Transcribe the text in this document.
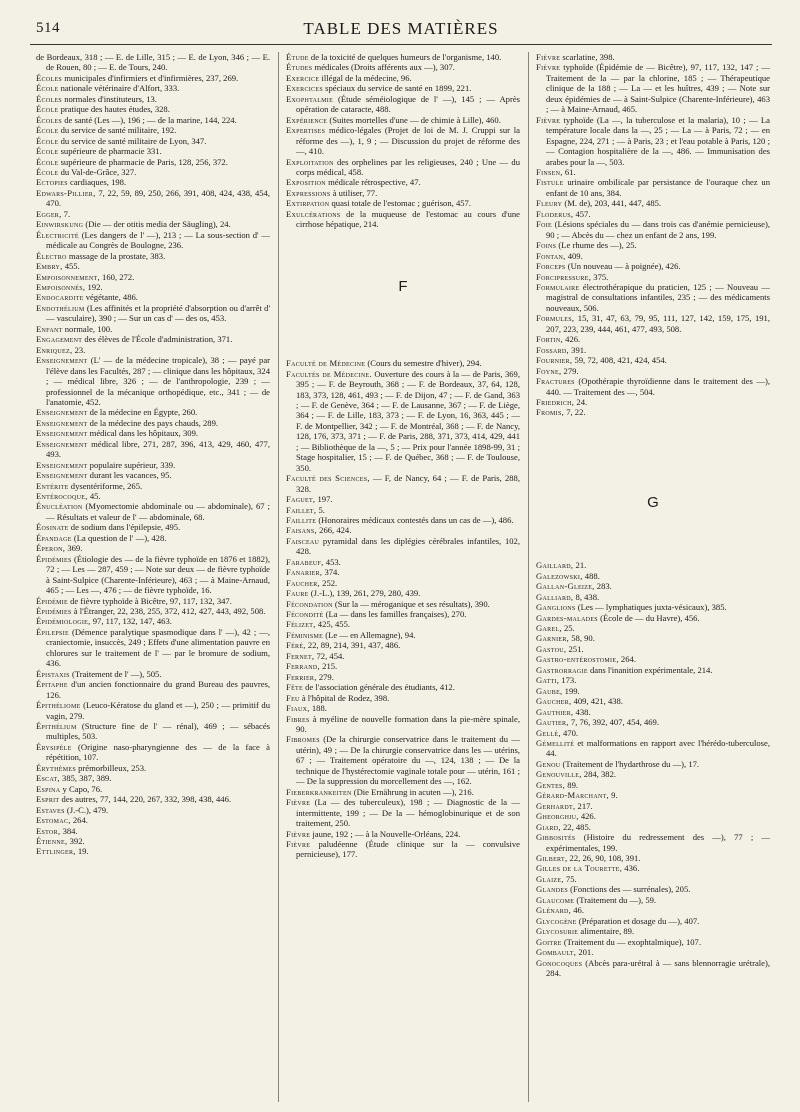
514	TABLE DES MATIÈRES

de Bordeaux, 318 ; — E. de Lille, 315 ; — E. de Lyon, 346 ; — E. de Rouen, 80 ; — E. de Tours, 240.

Écoles municipales d'infirmiers et d'infirmières, 237, 269.

École nationale vétérinaire d'Alfort, 333.

Écoles normales d'instituteurs, 13.

École pratique des hautes études, 328.

Écoles de santé (Les —), 196 ; — de la marine, 144, 224.

École du service de santé militaire, 192.

École du service de santé militaire de Lyon, 347.

École supérieure de pharmacie 331.

École supérieure de pharmacie de Paris, 128, 256, 372.

École du Val-de-Grâce, 327.

Ectopies cardiaques, 198.

Edwars-Pillier, 7, 22, 59, 89, 250, 266, 391, 408, 424, 438, 454, 470.

Egger, 7.

Einwirskung (Die — der otitis media der Säugling), 24.

Électricité (Les dangers de l' —), 213 ; — La sous-section d' — médicale au Congrès de Boulogne, 236.

Électro massage de la prostate, 383.

Embry, 455.

Empoisonnement, 160, 272.

Empoisonnés, 192.

Endocardite végétante, 486.

Endothélium (Les affinités et la propriété d'absorption ou d'arrêt d' — vasculaire), 390 ; — Sur un cas d' — des os, 453.

Enfant normale, 100.

Engagement des élèves de l'École d'administration, 371.

Enriquez, 23.

Enseignement (L' — de la médecine tropicale), 38 ; — payé par l'élève dans les Facultés, 287 ; — clinique dans les hôpitaux, 324 ; — médical libre, 326 ; — de l'anthropologie, 239 ; — professionnel de la mécanique orthopédique, etc., 341 ; — de l'anatomie, 452.

Enseignement de la médecine en Égypte, 260.

Enseignement de la médecine des pays chauds, 289.

Enseignement médical dans les hôpitaux, 309.

Enseignement médical libre, 271, 287, 396, 413, 429, 460, 477, 493.

Enseignement populaire supérieur, 339.

Enseignement durant les vacances, 95.

Entérite dysentériforme, 265.

Entérocoque, 45.

Énucléation (Myomectomie abdominale ou — abdominale), 67 ; — Résultats et valeur de l' — abdominale, 68.

Éosinate de sodium dans l'épilepsie, 495.

Épandage (La question de l' —), 428.

Éperon, 369.

Épidémies (Étiologie des — de la fièvre typhoïde en 1876 et 1882), 72 ; — Les — 287, 459 ; — Note sur deux — de fièvre typhoïde à Saint-Sulpice (Charente-Inférieure), 463 ; — à Maine-Arnaud, 465 ; — Les —, 476 ; — de fièvre typhoïde, 16.

Épidémie de fièvre typhoïde à Bicêtre, 97, 117, 132, 347.

Épidémies à l'Étranger, 22, 238, 255, 372, 412, 427, 443, 492, 508.

Épidémiologie, 97, 117, 132, 147, 463.

Épilepsie (Démence paralytique spasmodique dans l' —), 42 ; —, craniectomie, insuccès, 249 ; Effets d'une alimentation pauvre en chlorures sur le traitement de l' — par le bromure de sodium, 436.

Épistaxis (Traitement de l' —), 505.

Épitaphe d'un ancien fonctionnaire du grand Bureau des pauvres, 126.

Épithéliome (Leuco-Kératose du gland et —), 250 ; — primitif du vagin, 279.

Épithélium (Structure fine de l' — rénal), 469 ; — sébacés multiples, 503.

Érysipèle (Origine naso-pharyngienne des — de la face à répétition, 107.

Érythèmes prémorbilleux, 253.

Escat, 385, 387, 389.

Espina y Capo, 76.

Esprit des autres, 77, 144, 220, 267, 332, 398, 438, 446.

Estaves (J.-C.), 479.

Estomac, 264.

Estor, 384.

Étienne, 392.

Ettlinger, 19.

Étude de la toxicité de quelques humeurs de l'organisme, 140.

Études médicales (Droits afférents aux —), 307.

Exercice illégal de la médecine, 96.

Exercices spéciaux du service de santé en 1899, 221.

Exophtalmie (Étude séméiologique de l' —), 145 ; — Après opération de cataracte, 488.

Expérience (Suites mortelles d'une — de chimie à Lille), 460.

Expertises médico-légales (Projet de loi de M. J. Cruppi sur la réforme des —), 1, 9 ; — Discussion du projet de réforme des —, 410.

Exploitation des orphelines par les religieuses, 240 ; Une — du corps médical, 458.

Exposition médicale rétrospective, 47.

Expressions à utiliser, 77.

Extirpation quasi totale de l'estomac ; guérison, 457.

Exulcérations de la muqueuse de l'estomac au cours d'une cirrhose hépatique, 214.

F

Faculté de Médecine (Cours du semestre d'hiver), 294.

Facultés de Médecine. Ouverture des cours à la — de Paris, 369, 395 ; — F. de Beyrouth, 368 ; — F. de Bordeaux, 37, 64, 128, 183, 373, 128, 461, 493 ; — F. de Dijon, 47 ; — F. de Gand, 363 ; — F. de Genève, 364 ; — F. de Lausanne, 367 ; — F. de Liège, 364 ; — F. de Lille, 183, 373 ; — F. de Lyon, 16, 363, 445 ; — F. de Montpellier, 342 ; — F. de Montréal, 368 ; — F. de Nancy, 128, 176, 373, 371 ; — F. de Paris, 288, 371, 373, 414, 429, 441 ; — Bibliothèque de la —, 5 ; — Prix pour l'année 1898-99, 31 ; Stage hospitalier, 15 ; — F. de Québec, 368 ; — F. de Toulouse, 350.

Faculté des Sciences, — F, de Nancy, 64 ; — F. de Paris, 288, 328.

Faguet, 197.

Faillet, 5.

Faillite (Honoraires médicaux contestés dans un cas de —), 486.

Faisans, 266, 424.

Faisceau pyramidal dans les diplégies cérébrales infantiles, 102, 428.

Farabeuf, 453.

Fanarier, 374.

Faucher, 252.

Faure (J.-L.), 139, 261, 279, 280, 439.

Fécondation (Sur la — méroganique et ses résultats), 390.

Fécondité (La — dans les familles françaises), 270.

Félizet, 425, 455.

Féminisme (Le — en Allemagne), 94.

Féré, 22, 89, 214, 391, 437, 486.

Fernet, 72, 454.

Ferrand, 215.

Ferrier, 279.

Fête de l'association générale des étudiants, 412.

Feu à l'hôpital de Rodez, 398.

Fiaux, 188.

Fibres à myéline de nouvelle formation dans la pie-mère spinale, 90.

Fibromes (De la chirurgie conservatrice dans le traitement du — utérin), 49 ; — De la chirurgie conservatrice dans les — utérins, 67 ; — Traitement opératoire du —, 124, 138 ; — De la technique de l'hystérectomie vaginale totale pour — utérin, 161 ; — De la suppression du morcellement des —, 162.

Fieberkrankeiten (Die Ernährung in acuten —), 216.

Fièvre (La — des tuberculeux), 198 ; — Diagnostic de la — intermittente, 199 ; — De la — hémoglobinurique et de son traitement, 250.

Fièvre jaune, 192 ; — à la Nouvelle-Orléans, 224.

Fièvre paludéenne (Étude clinique sur la — convulsive pernicieuse), 177.

Fièvre scarlatine, 398.

Fièvre typhoïde (Épidémie de — Bicêtre), 97, 117, 132, 147 ; — Traitement de la — par la chlorine, 185 ; — Thérapeutique clinique de la 188 ; — La — et les huîtres, 439 ; — Note sur deux épidémies de — à Saint-Sulpice (Charente-Inférieure), 463 ; — à Maine-Arnaud, 465.

Fièvre typhoïde (La —, la tuberculose et la malaria), 10 ; — La température locale dans la —, 25 ; — La — à Paris, 72 ; — en Espagne, 224, 271 ; — à Paris, 23 ; et l'eau potable à Paris, 120 ; — Contagion hospitalière de la —, 486. — Immunisation des arabes pour la —, 503.

Finsen, 61.

Fistule urinaire ombilicale par persistance de l'ouraque chez un enfant de 10 ans, 384.

Fleury (M. de), 203, 441, 447, 485.

Floderus, 457.

Foie (Lésions spéciales du — dans trois cas d'anémie pernicieuse), 90 ; — Abcès du — chez un enfant de 2 ans, 199.

Foins (Le rhume des —), 25.

Fontan, 409.

Forceps (Un nouveau — à poignée), 426.

Forcipressure, 375.

Formulaire électrothérapique du praticien, 125 ; — Nouveau — magistral de consultations infantiles, 235 ; — des médicaments nouveaux, 506.

Formules, 15, 31, 47, 63, 79, 95, 111, 127, 142, 159, 175, 191, 207, 223, 239, 444, 461, 477, 493, 508.

Fortin, 426.

Fossard, 391.

Fournier, 59, 72, 408, 421, 424, 454.

Foyne, 279.

Fractures (Opothérapie thyroïdienne dans le traitement des —), 440. — Traitement des —, 504.

Friedrich, 24.

Fromis, 7, 22.

G

Gaillard, 21.

Galezowski, 488.

Gallan-Gleize, 283.

Galliard, 8, 438.

Ganglions (Les — lymphatiques juxta-vésicaux), 385.

Gardes-malades (École de — du Havre), 456.

Garel, 25.

Garnier, 58, 90.

Gastou, 251.

Gastro-entérostomie, 264.

Gastrorragie dans l'inanition expérimentale, 214.

Gatti, 173.

Gaube, 199.

Gaucher, 409, 421, 438.

Gauthier, 438.

Gautier, 7, 76, 392, 407, 454, 469.

Gellé, 470.

Gémellité et malformations en rapport avec l'hérédo-tuberculose, 44.

Genou (Traitement de l'hydarthrose du —), 17.

Genouville, 284, 382.

Gentes, 89.

Gérard-Marchant, 9.

Gerhardt, 217.

Gheorghiu, 426.

Giard, 22, 485.

Gibbosités (Histoire du redressement des —), 77 ; — expérimentales, 199.

Gilbert, 22, 26, 90, 108, 391.

Gilles de la Tourette, 436.

Glaize, 75.

Glandes (Fonctions des — surrénales), 205.

Glaucome (Traitement du —), 59.

Glénard, 46.

Glycogène (Préparation et dosage du —), 407.

Glycosurie alimentaire, 89.

Goitre (Traitement du — exophtalmique), 107.

Gombault, 201.

Gonocoques (Abcès para-urétral à — sans blennorragie urétrale), 284.
